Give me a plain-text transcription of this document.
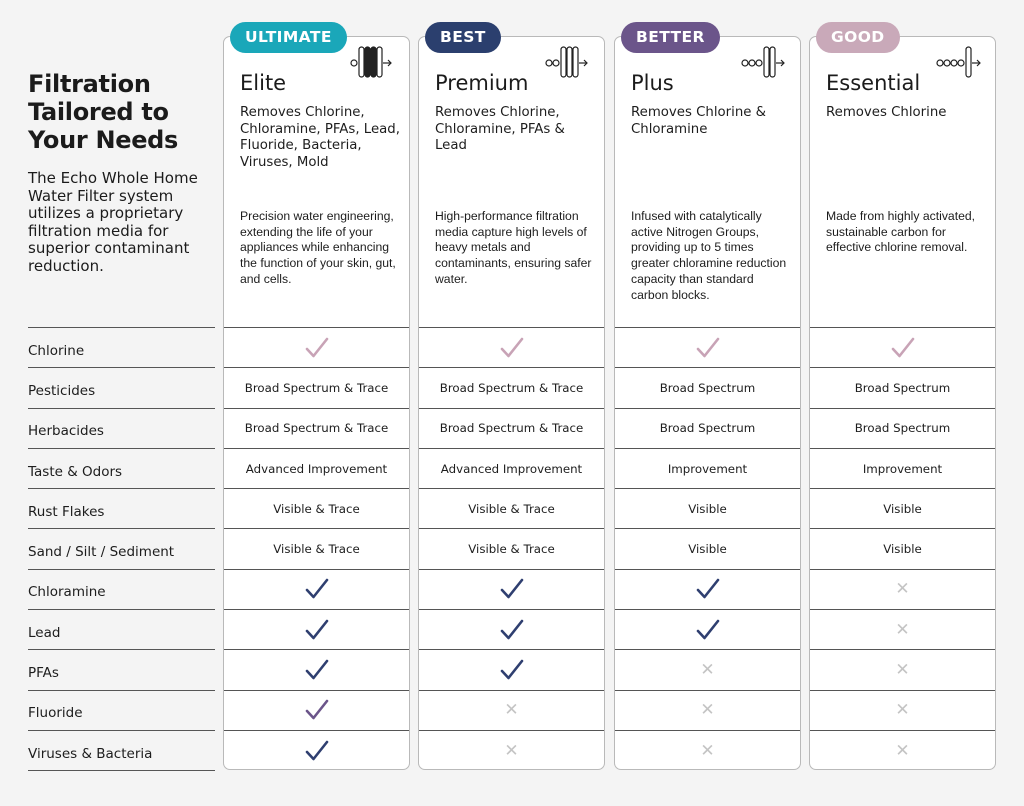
Filtration Tailored to Your Needs

The Echo Whole Home Water Filter system utilizes a proprietary filtration media for superior contaminant reduction.

Chlorine
Pesticides
Herbacides
Taste & Odors
Rust Flakes
Sand / Silt / Sediment
Chloramine
Lead
PFAs
Fluoride
Viruses & Bacteria
ULTIMATE
Elite
Removes Chlorine, Chloramine, PFAs, Lead, Fluoride, Bacteria, Viruses, Mold
Precision water engineering, extending the life of your appliances while enhancing the function of your skin, gut, and cells.
Broad Spectrum & Trace
Broad Spectrum & Trace
Advanced Improvement
Visible & Trace
Visible & Trace
BEST
Premium
Removes Chlorine, Chloramine, PFAs & Lead
High-performance filtration media capture high levels of heavy metals and contaminants, ensuring safer water.
Broad Spectrum & Trace
Broad Spectrum & Trace
Advanced Improvement
Visible & Trace
Visible & Trace
✕
✕
BETTER
Plus
Removes Chlorine & Chloramine
Infused with catalytically active Nitrogen Groups, providing up to 5 times greater chloramine reduction capacity than standard carbon blocks.
Broad Spectrum
Broad Spectrum
Improvement
Visible
Visible
✕
✕
✕
GOOD
Essential
Removes Chlorine
Made from highly activated, sustainable carbon for effective chlorine removal.
Broad Spectrum
Broad Spectrum
Improvement
Visible
Visible
✕
✕
✕
✕
✕
